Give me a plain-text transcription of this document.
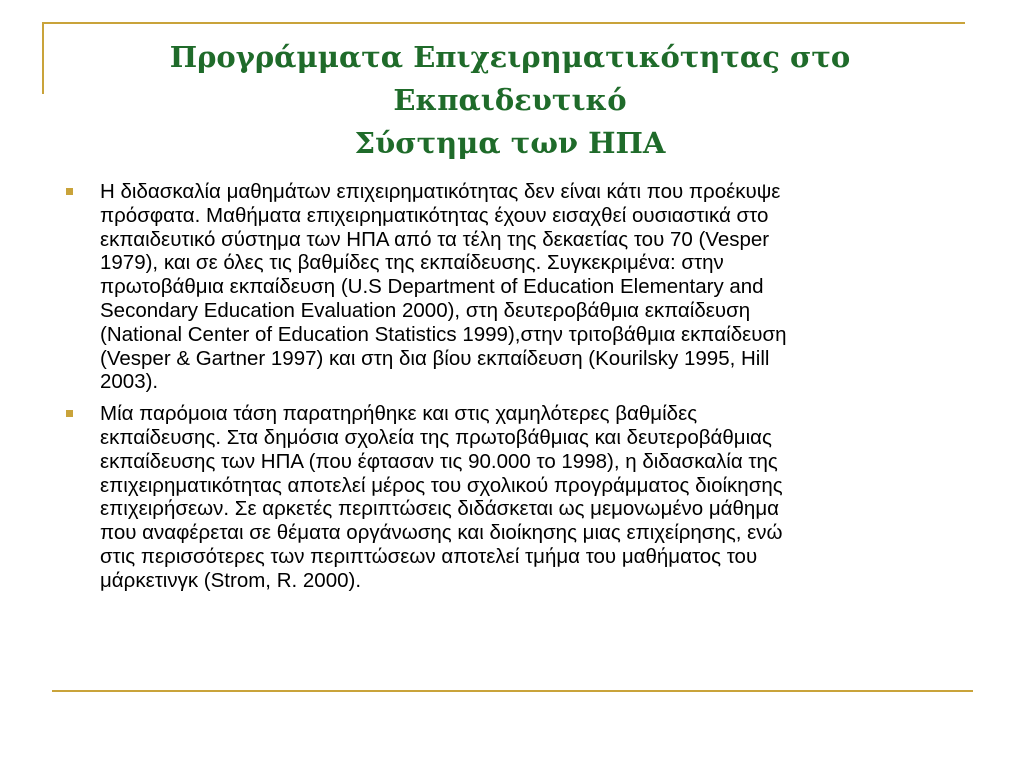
Προγράμματα Επιχειρηματικότητας στο Εκπαιδευτικό
Σύστημα των ΗΠΑ
Η διδασκαλία μαθημάτων επιχειρηματικότητας δεν είναι κάτι που προέκυψε
πρόσφατα. Μαθήματα επιχειρηματικότητας έχουν εισαχθεί ουσιαστικά στο
εκπαιδευτικό σύστημα των ΗΠΑ από τα τέλη της δεκαετίας του 70 (Vesper
1979), και σε όλες τις βαθμίδες της εκπαίδευσης. Συγκεκριμένα: στην
πρωτοβάθμια εκπαίδευση (U.S Department of Education Elementary and
Secondary Education Evaluation 2000), στη δευτεροβάθμια εκπαίδευση
(National Center of Education Statistics 1999),στην τριτοβάθμια εκπαίδευση
(Vesper & Gartner 1997) και στη δια βίου εκπαίδευση (Kourilsky 1995, Hill
2003).
Μία παρόμοια τάση παρατηρήθηκε και στις χαμηλότερες βαθμίδες
εκπαίδευσης. Στα δημόσια σχολεία της πρωτοβάθμιας και δευτεροβάθμιας
εκπαίδευσης των ΗΠΑ (που έφτασαν τις 90.000 το 1998), η διδασκαλία της
επιχειρηματικότητας αποτελεί μέρος του σχολικού προγράμματος διοίκησης
επιχειρήσεων. Σε αρκετές περιπτώσεις διδάσκεται ως μεμονωμένο μάθημα
που αναφέρεται σε θέματα οργάνωσης και διοίκησης μιας επιχείρησης, ενώ
στις περισσότερες των περιπτώσεων αποτελεί τμήμα του μαθήματος του
μάρκετινγκ (Strom, R. 2000).
